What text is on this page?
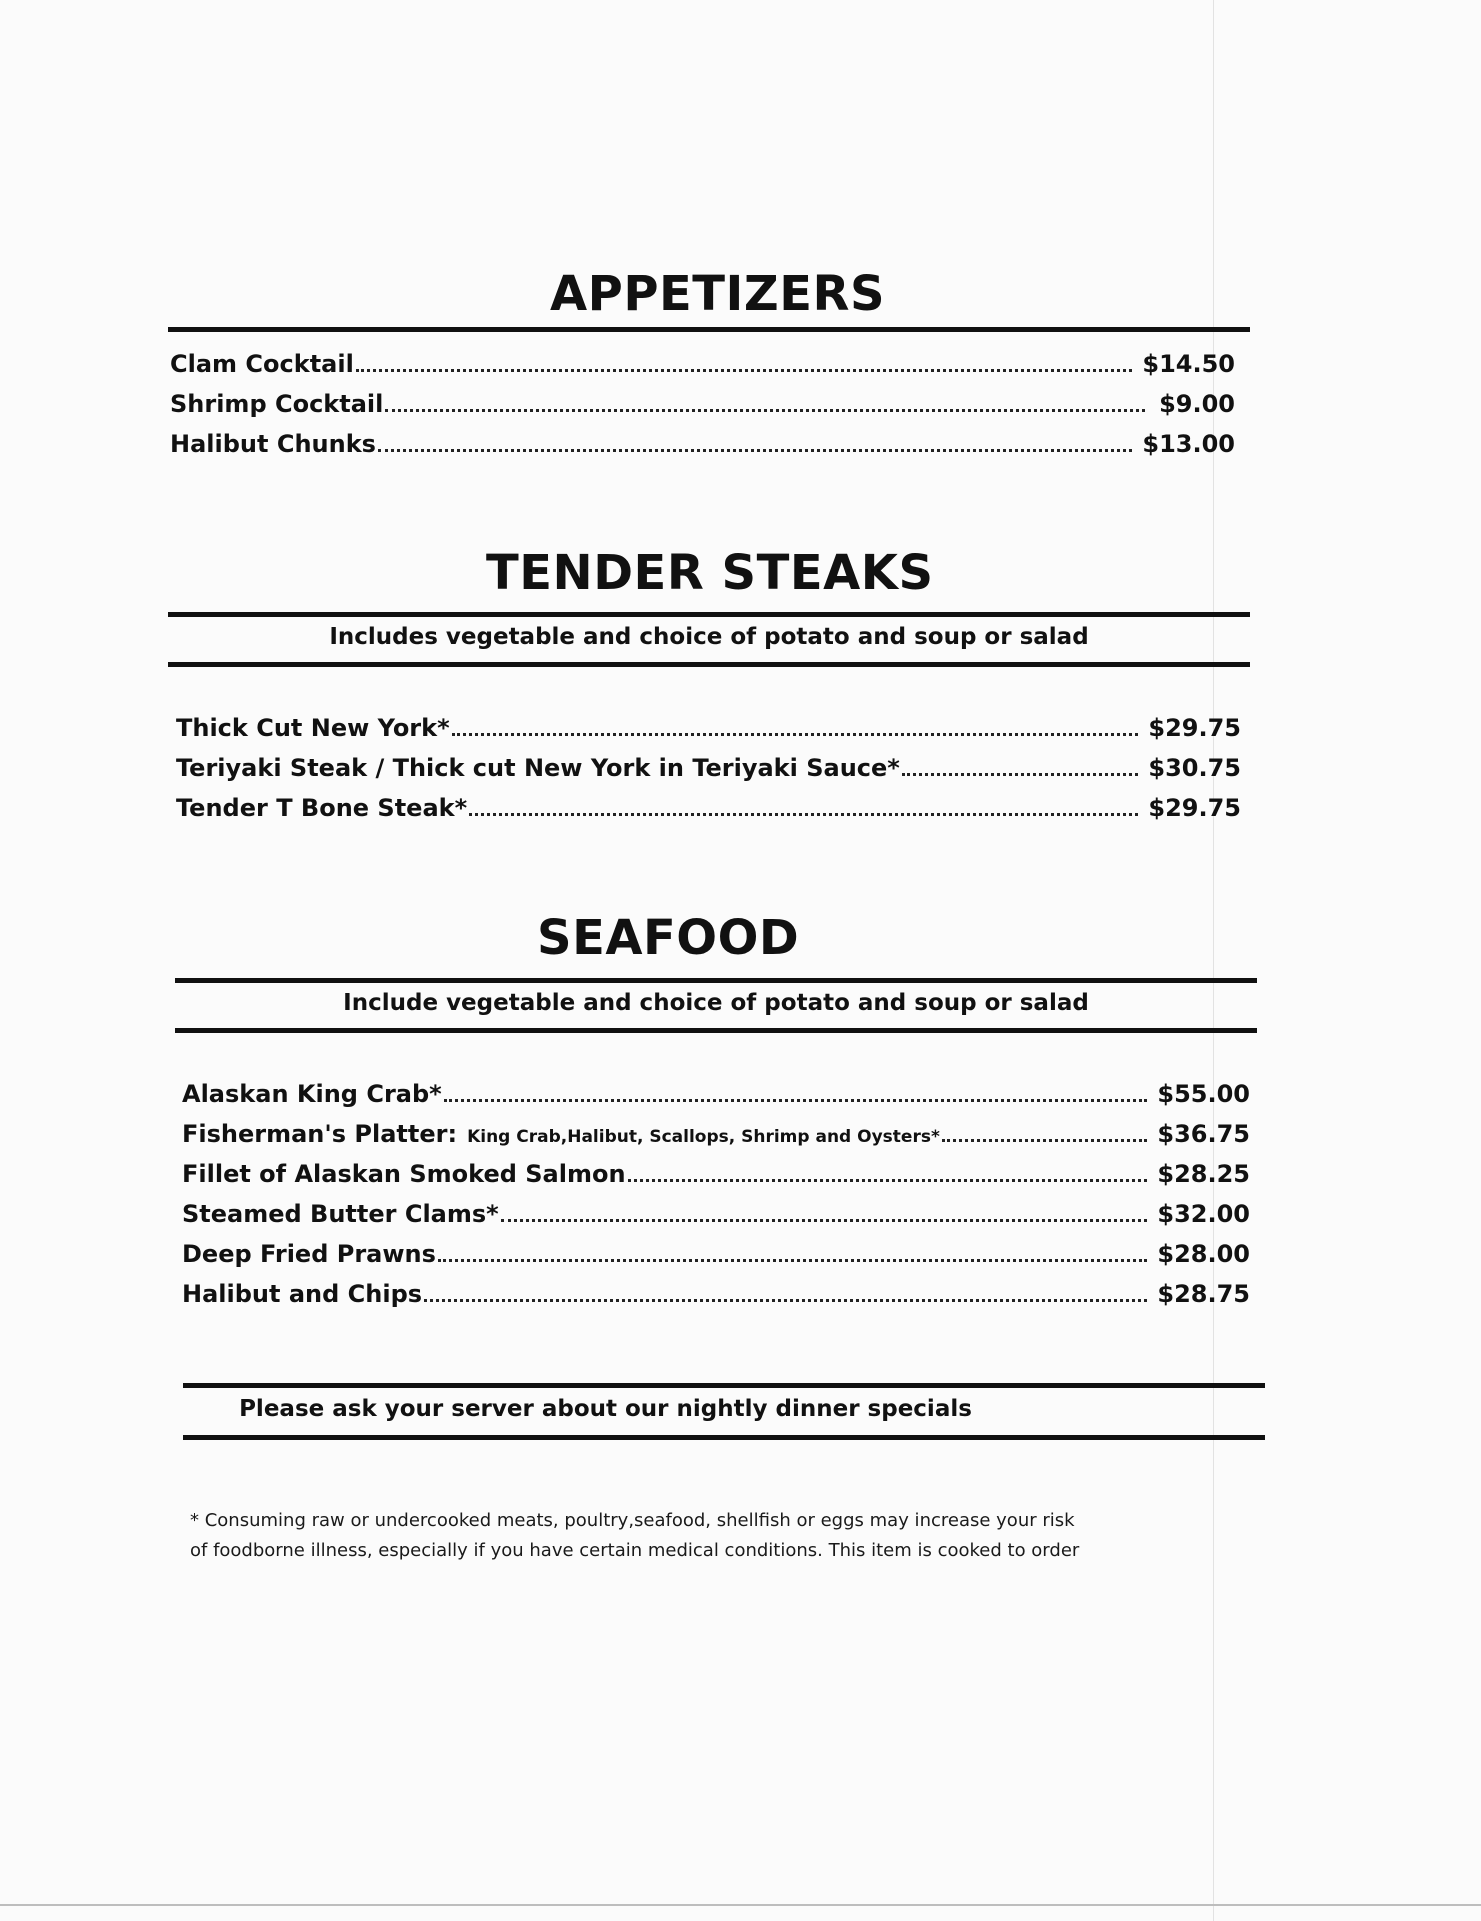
APPETIZERS
Clam Cocktail	$14.50
Shrimp Cocktail	$9.00
Halibut Chunks	$13.00
TENDER STEAKS
Includes vegetable and choice of potato and soup or salad
Thick Cut New York*	$29.75
Teriyaki Steak / Thick cut New York in Teriyaki Sauce*	$30.75
Tender T Bone Steak*	$29.75
SEAFOOD
Include vegetable and choice of potato and soup or salad
Alaskan King Crab*	$55.00
Fisherman's Platter: King Crab,Halibut, Scallops, Shrimp and Oysters*	$36.75
Fillet of Alaskan Smoked Salmon	$28.25
Steamed Butter Clams*	$32.00
Deep Fried Prawns	$28.00
Halibut and Chips	$28.75
Please ask your server about our nightly dinner specials
* Consuming raw or undercooked meats, poultry,seafood, shellfish or eggs may increase your risk
of foodborne illness, especially if you have certain medical conditions. This item is cooked to order
